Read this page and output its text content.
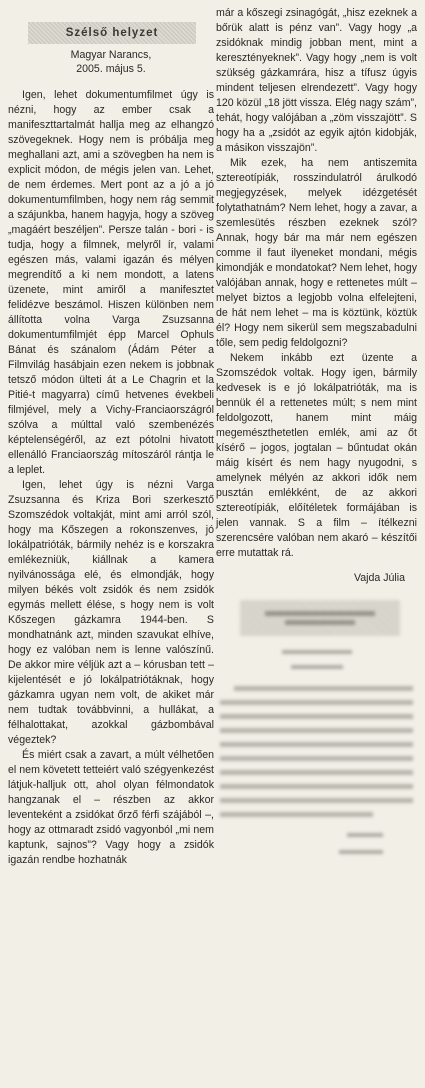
Szélső helyzet
Magyar Narancs,
2005. május 5.

Igen, lehet dokumentumfilmet úgy is nézni, hogy az ember csak a manifeszttartalmát hallja meg az elhangzó szövegeknek. Hogy nem is próbálja meg meghallani azt, ami a szövegben ha nem is explicit módon, de mégis jelen van. Lehet, de nem érdemes. Mert pont az a jó a jó dokumentumfilmben, hogy nem rág semmit a szájunkba, hanem hagyja, hogy a szöveg „magáért beszéljen”. Persze talán - bori - is tudja, hogy a filmnek, melyről ír, valami egészen más, valami igazán és mélyen megrendítő a ki nem mondott, a latens üzenete, mint amiről a manifesztet felidézve beszámol. Hiszen különben nem állította volna Varga Zsuzsanna dokumentumfilmjét épp Marcel Ophuls Bánat és szánalom (Ádám Péter a Filmvilág hasábjain ezen nekem is jobbnak tetsző módon ülteti át a Le Chagrin et la Pitié-t magyarra) című hetvenes évekbeli filmjével, mely a Vichy-Franciaországról szólva a múlttal való szembenézés képtelenségéről, az ezt pótolni hivatott ellenálló Franciaország mítoszáról rántja le a leplet.

Igen, lehet úgy is nézni Varga Zsuzsanna és Kriza Bori szerkesztő Szomszédok voltakját, mint ami arról szól, hogy ma Kőszegen a rokonszenves, jó lokálpatrióták, bármily nehéz is e korszakra emlékezniük, kiállnak a kamera nyilvánossága elé, és elmondják, hogy milyen békés volt zsidók és nem zsidók egymás mellett élése, s hogy nem is volt Kőszegen gázkamra 1944-ben. S mondhatnánk azt, minden szavukat elhíve, hogy ez valóban nem is lenne valószínű. De akkor mire véljük azt a – kórusban tett – kijelentését e jó lokálpatriótáknak, hogy gázkamra ugyan nem volt, de akiket már nem tudtak továbbvinni, a hullákat, a félhalottakat, azokkal gázbombával végeztek?

És miért csak a zavart, a múlt vélhetően el nem követett tetteiért való szégyenkezést látjuk-halljuk ott, ahol olyan félmondatok hangzanak el – részben az akkor leventeként a zsidókat őrző férfi szájából –, hogy az ottmaradt zsidó vagyonból „mi nem kaptunk, sajnos”? Vagy hogy a zsidók igazán rendbe hozhatnák

már a kőszegi zsinagógát, „hisz ezeknek a bőrük alatt is pénz van”. Vagy hogy „a zsidóknak mindig jobban ment, mint a keresztényeknek”. Vagy hogy „nem is volt szükség gázkamrára, hisz a tífusz úgyis mindent teljesen elrendezett”. Vagy hogy 120 közül „18 jött vissza. Elég nagy szám”, tehát, hogy valójában a „zöm visszajött”. S hogy ha a „zsidót az egyik ajtón kidobják, a másikon visszajön”.

Mik ezek, ha nem antiszemita sztereotípiák, rosszindulatról árulkodó megjegyzések, melyek idézgetését folytathatnám? Nem lehet, hogy a zavar, a szemlesütés részben ezeknek szól? Annak, hogy bár ma már nem egészen comme il faut ilyeneket mondani, mégis kimondják e mondatokat? Nem lehet, hogy valójában annak, hogy e rettenetes múlt – melyet biztos a legjobb volna elfelejteni, de hát nem lehet – ma is köztünk, köztük él? Hogy nem sikerül sem megszabadulni tőle, sem pedig feldolgozni?

Nekem inkább ezt üzente a Szomszédok voltak. Hogy igen, bármily kedvesek is e jó lokálpatrióták, ma is bennük él a rettenetes múlt; s nem mint feldolgozott, hanem mint máig megemészthetetlen emlék, ami az őt kísérő – jogos, jogtalan – bűntudat okán máig kísért és nem hagy nyugodni, s amelynek mélyén az akkori idők nem pusztán emlékként, de az akkori sztereotípiák, előítéletek formájában is jelen vannak. S a film – ítélkezni szerencsére valóban nem akaró – készítői erre mutattak rá.

Vajda Júlia
